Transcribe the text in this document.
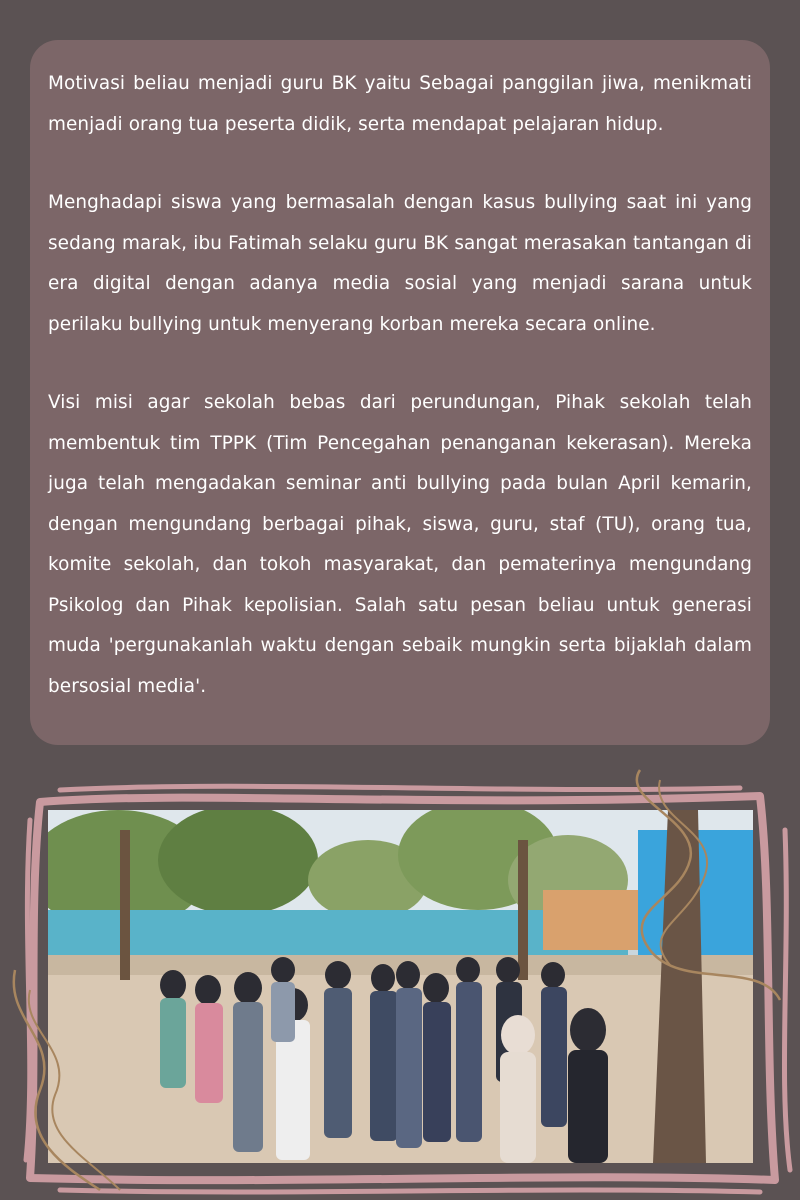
Motivasi beliau menjadi guru BK yaitu Sebagai panggilan jiwa, menikmati menjadi orang tua peserta didik, serta mendapat pelajaran hidup.

Menghadapi siswa yang bermasalah dengan kasus bullying saat ini yang sedang marak, ibu Fatimah selaku guru BK sangat merasakan tantangan di era digital dengan adanya media sosial yang menjadi sarana untuk perilaku bullying untuk menyerang korban mereka secara online.

Visi misi agar sekolah bebas dari perundungan, Pihak sekolah telah membentuk tim TPPK (Tim Pencegahan penanganan kekerasan). Mereka juga telah mengadakan seminar anti bullying pada bulan April kemarin, dengan mengundang berbagai pihak, siswa, guru, staf (TU), orang tua, komite sekolah, dan tokoh masyarakat, dan pematerinya mengundang Psikolog dan Pihak kepolisian. Salah satu pesan beliau untuk generasi muda 'pergunakanlah waktu dengan sebaik mungkin serta bijaklah dalam bersosial media'.
